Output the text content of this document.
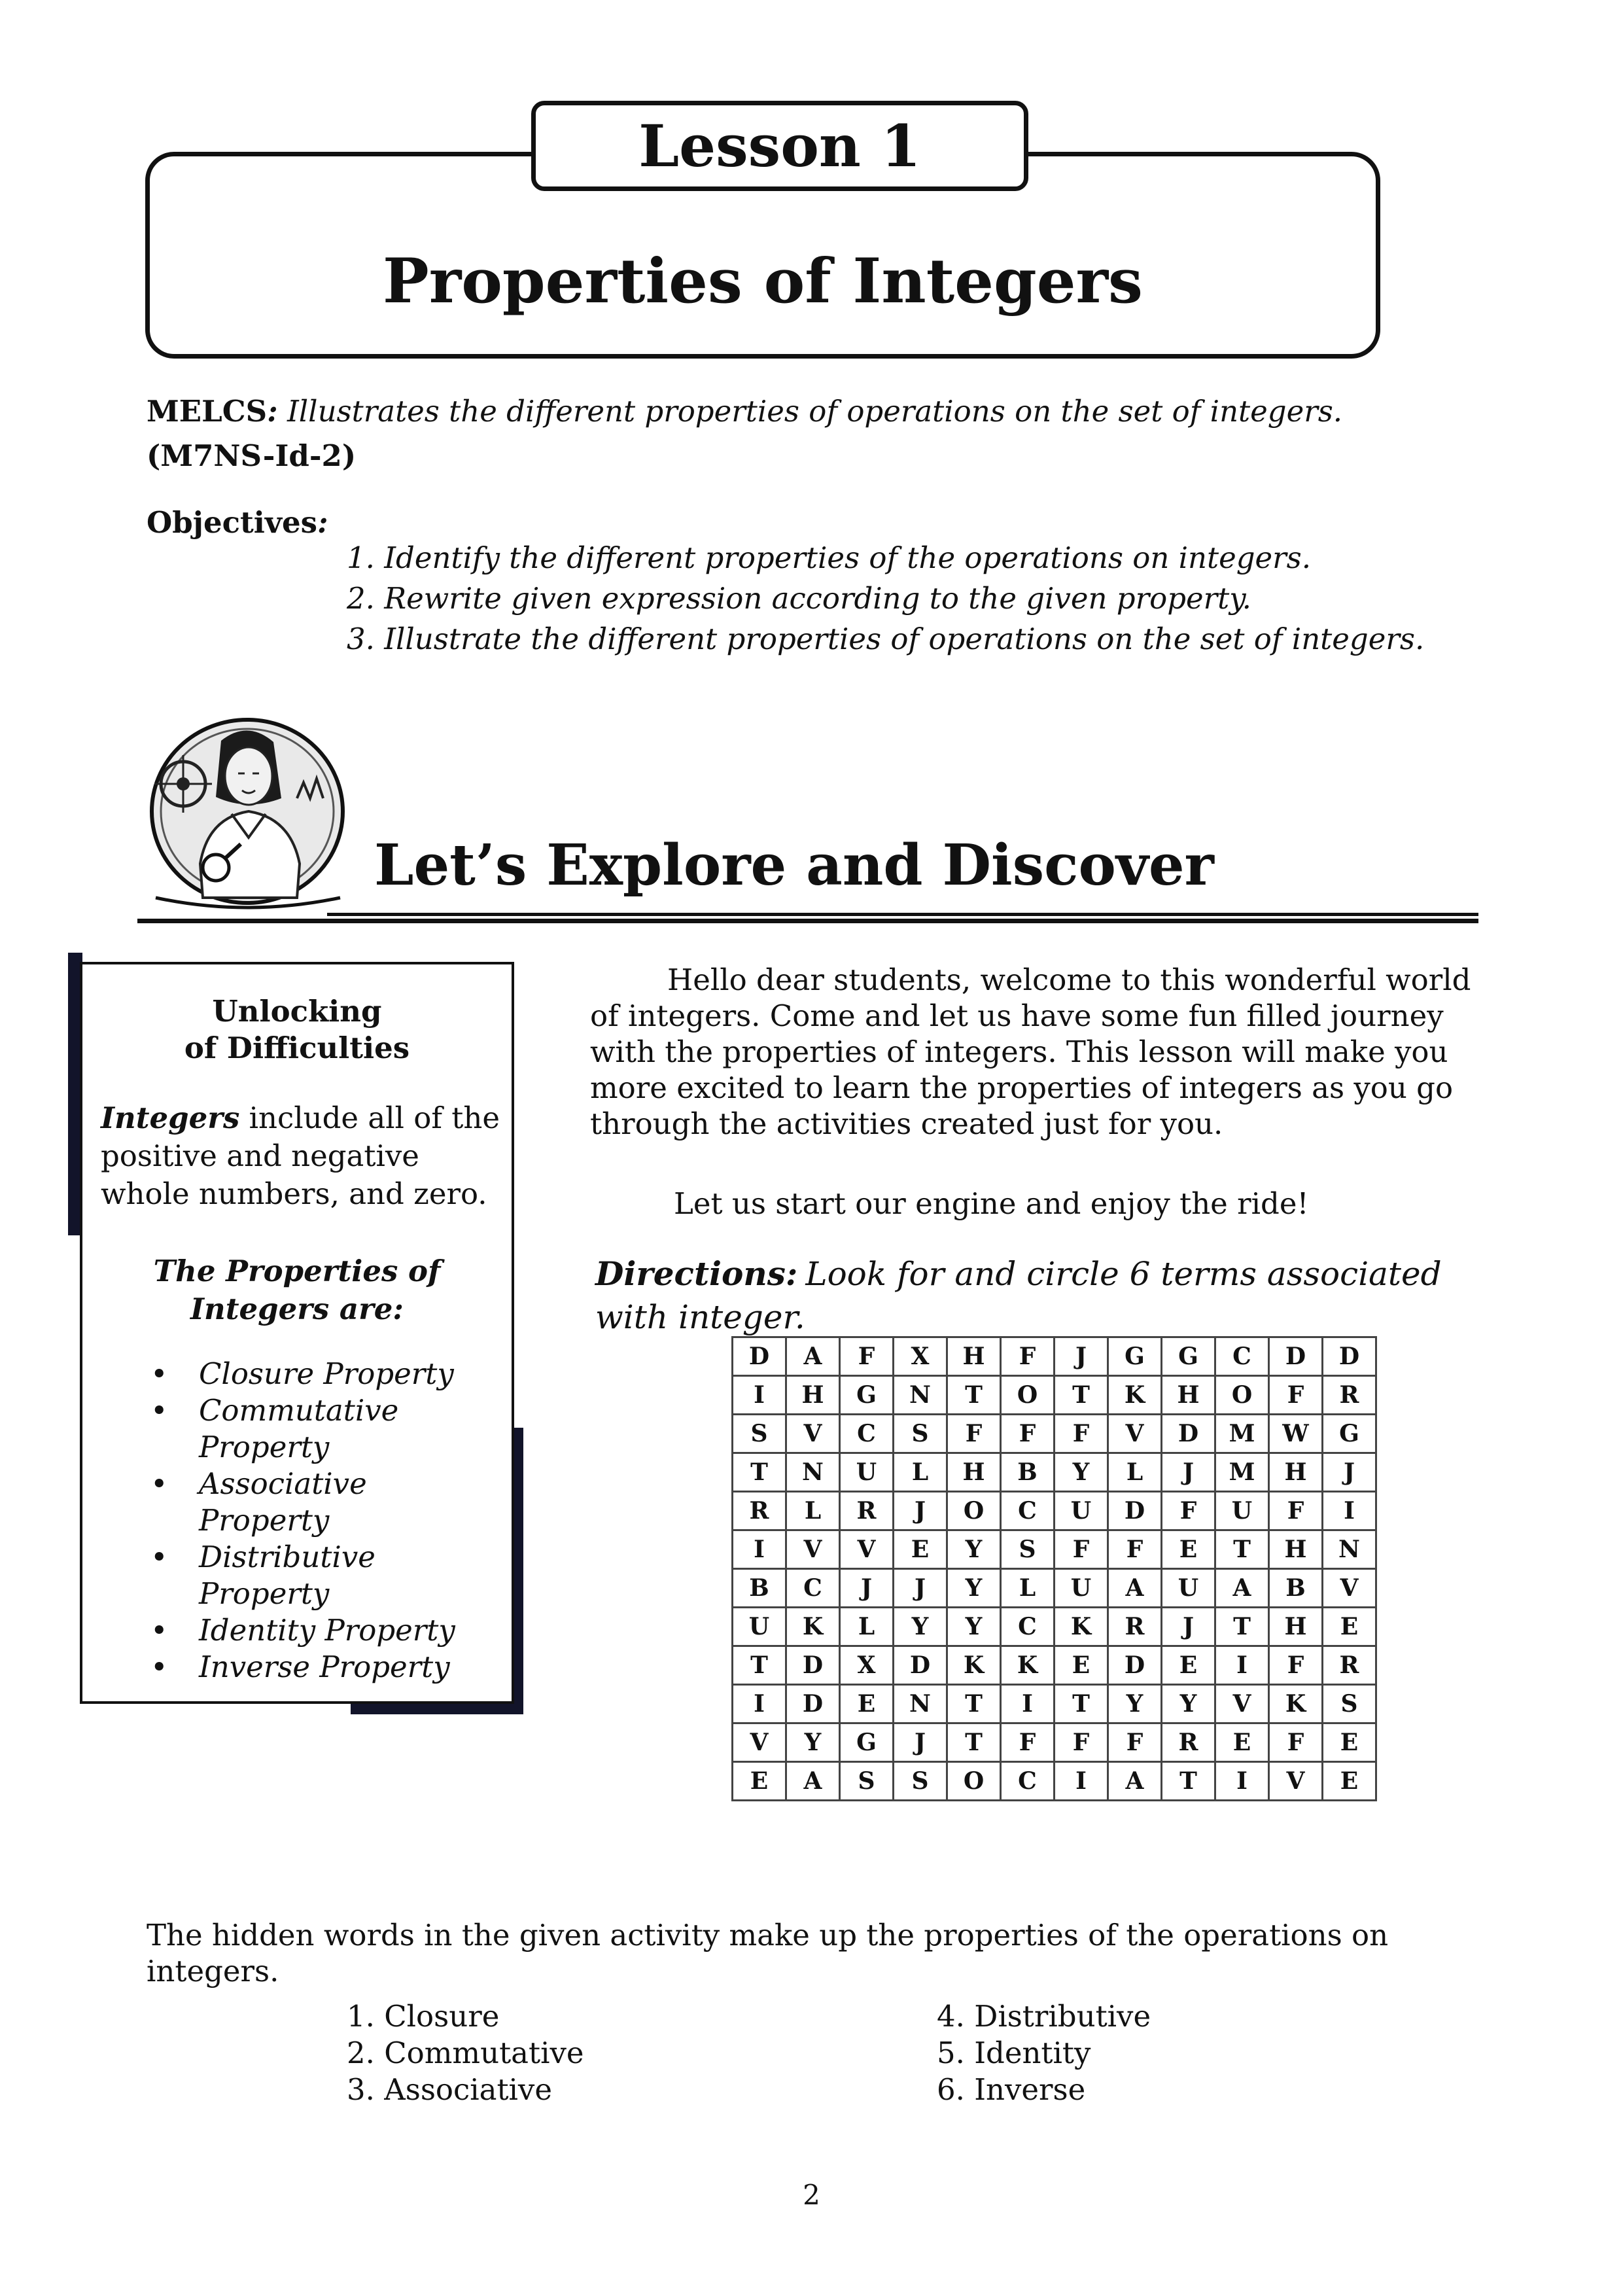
Lesson 1
Properties of Integers
MELCS: Illustrates the different properties of operations on the set of integers.
(M7NS-Id-2)
Objectives:
1. Identify the different properties of the operations on integers.
2. Rewrite given expression according to the given property.
3. Illustrate the different properties of operations on the set of integers.
Let’s Explore and Discover
Unlocking
of Difficulties
Integers include all of the positive and negative whole numbers, and zero.
The Properties of
Integers are:
• Closure Property
• Commutative Property
• Associative Property
• Distributive Property
• Identity Property
• Inverse Property

Hello dear students, welcome to this wonderful world of integers. Come and let us have some fun filled journey with the properties of integers. This lesson will make you more excited to learn the properties of integers as you go through the activities created just for you.

Let us start our engine and enjoy the ride!
Directions: Look for and circle 6 terms associated with integer.
D	A	F	X	H	F	J	G	G	C	D	D
I	H	G	N	T	O	T	K	H	O	F	R
S	V	C	S	F	F	F	V	D	M	W	G
T	N	U	L	H	B	Y	L	J	M	H	J
R	L	R	J	O	C	U	D	F	U	F	I
I	V	V	E	Y	S	F	F	E	T	H	N
B	C	J	J	Y	L	U	A	U	A	B	V
U	K	L	Y	Y	C	K	R	J	T	H	E
T	D	X	D	K	K	E	D	E	I	F	R
I	D	E	N	T	I	T	Y	Y	V	K	S
V	Y	G	J	T	F	F	F	R	E	F	E
E	A	S	S	O	C	I	A	T	I	V	E
The hidden words in the given activity make up the properties of the operations on integers.
1. Closure
2. Commutative
3. Associative
4. Distributive
5. Identity
6. Inverse
2
